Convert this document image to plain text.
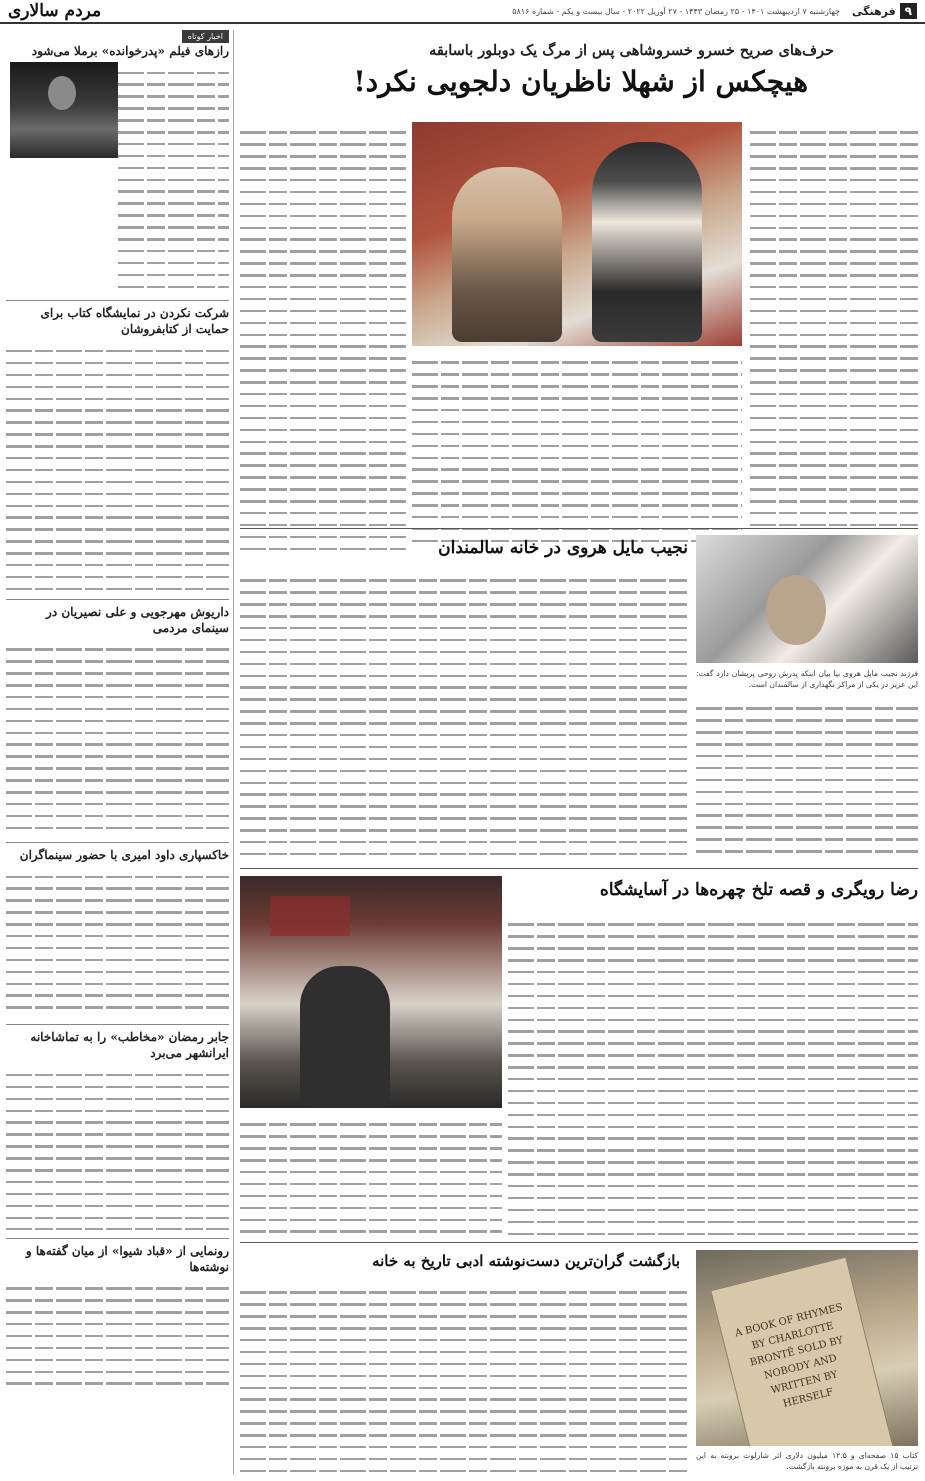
۹
فرهنگی
چهارشنبه ۷ اردیبهشت ۱۴۰۱ - ۲۵ رمضان ۱۴۴۳ - ۲۷ آوریل ۲۰۲۲ - سال بیست و یکم - شماره ۵۸۱۶
مردم سالاری
اخبار کوتاه
رازهای فیلم «پدرخوانده» برملا می‌شود
شرکت نکردن در نمایشگاه کتاب برای حمایت از کتابفروشان
داریوش مهرجویی و علی نصیریان در سینمای مردمی
خاکسپاری داود امیری با حضور سینماگران
جابر رمضان «مخاطب» را به تماشاخانه ایرانشهر می‌برد
رونمایی از «قباد شیوا» از میان گفته‌ها و نوشته‌ها
حرف‌های صریح خسرو خسروشاهی پس از مرگ یک دوبلور باسابقه
هیچکس از شهلا ناظریان دلجویی نکرد!
نجیب مایل هروی در خانه سالمندان

فرزند نجیب مایل هروی بیا بیان اینکه پدرش روحی پریشان دارد گفت: این عزیز در یکی از مراکز نگهداری از سالمندان است.

رضا رویگری و قصه تلخ چهره‌ها در آسایشگاه
بازگشت گران‌ترین دست‌نوشته ادبی تاریخ به خانه
A BOOK OF RHYMES BY CHARLOTTE BRONTË SOLD BY NOBODY AND WRITTEN BY HERSELF

کتاب ۱۵ صفحه‌ای و ۱۲.۵ میلیون دلاری اثر شارلوت برونته به این ترتیب از یک قرن به موزه برونته بازگشت.
